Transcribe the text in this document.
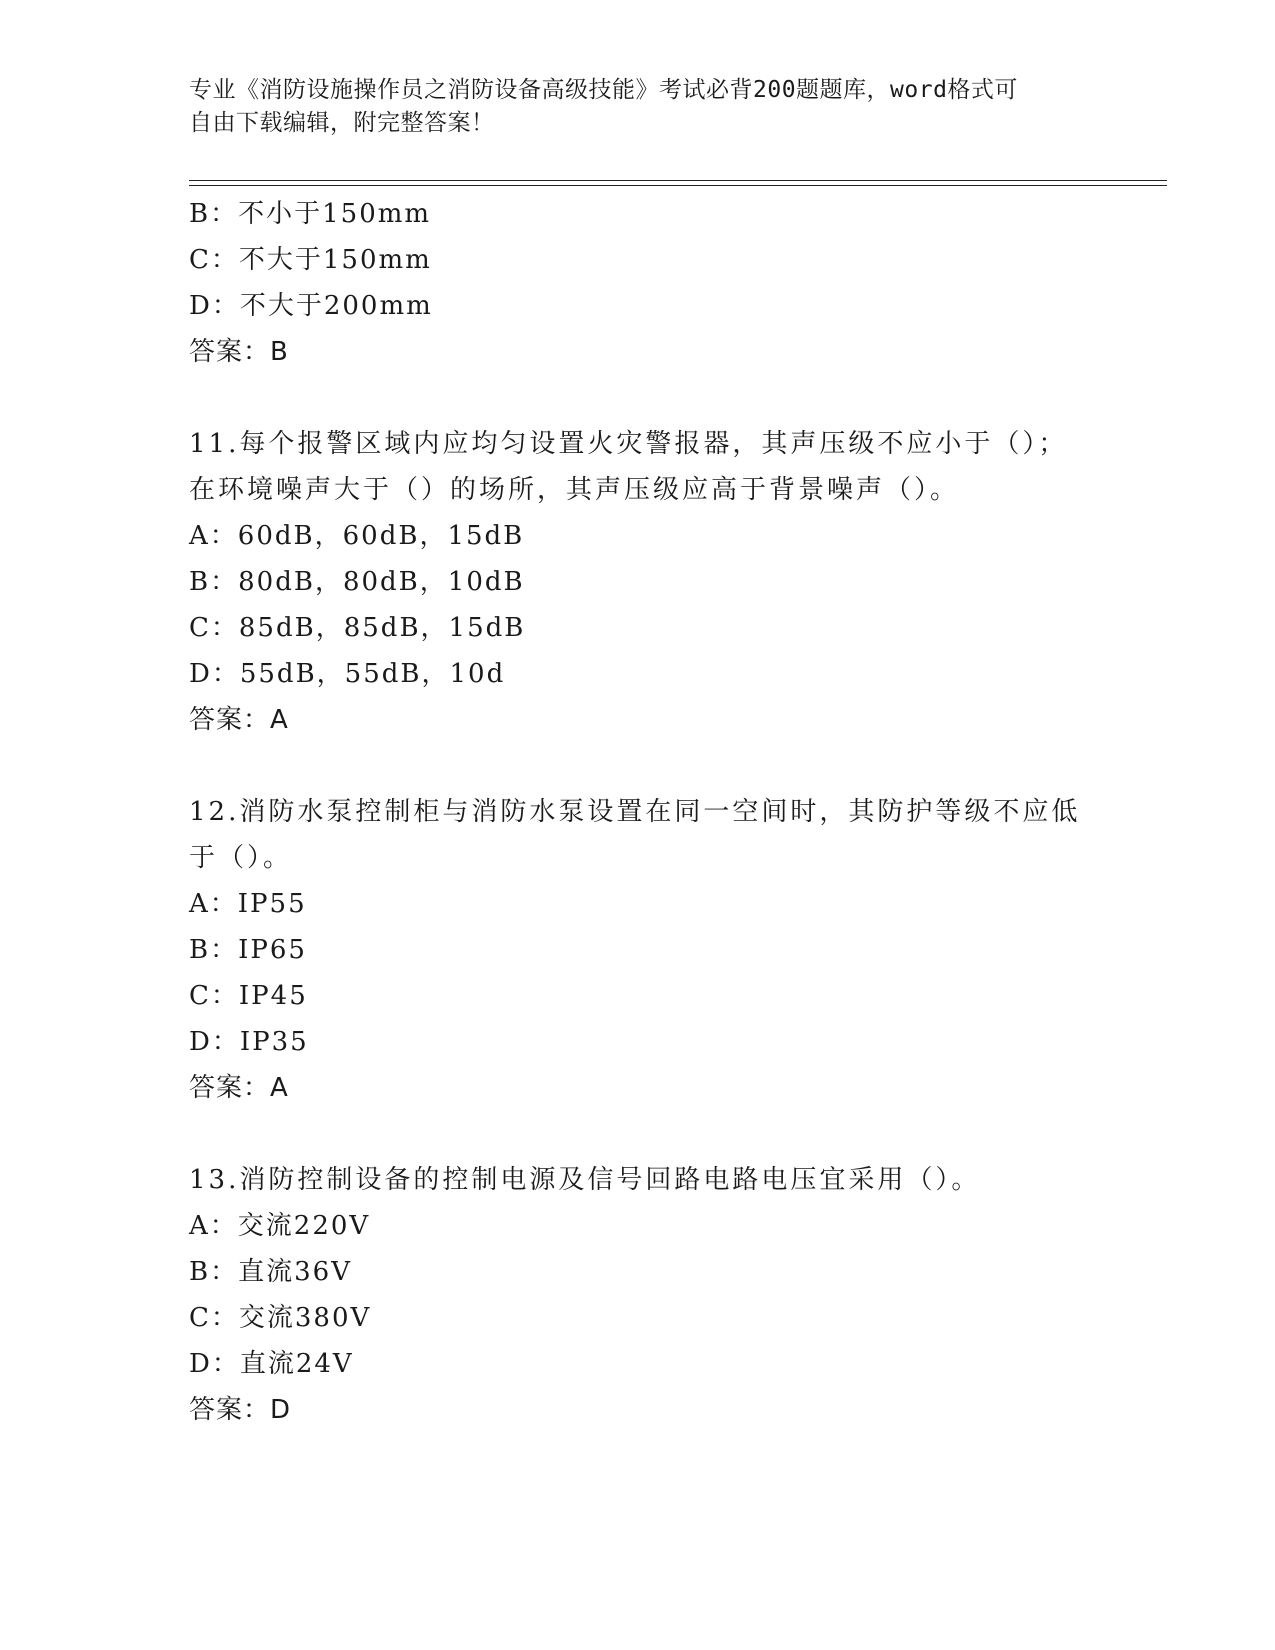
专业《消防设施操作员之消防设备高级技能》考试必背200题题库，word格式可
自由下载编辑，附完整答案！
B：不小于150mm
C：不大于150mm
D：不大于200mm
答案：B
11.每个报警区域内应均匀设置火灾警报器，其声压级不应小于（）；
在环境噪声大于（）的场所，其声压级应高于背景噪声（）。
A：60dB，60dB，15dB
B：80dB，80dB，10dB
C：85dB，85dB，15dB
D：55dB，55dB，10d
答案：A
12.消防水泵控制柜与消防水泵设置在同一空间时，其防护等级不应低
于（）。
A：IP55
B：IP65
C：IP45
D：IP35
答案：A
13.消防控制设备的控制电源及信号回路电路电压宜采用（）。
A：交流220V
B：直流36V
C：交流380V
D：直流24V
答案：D
